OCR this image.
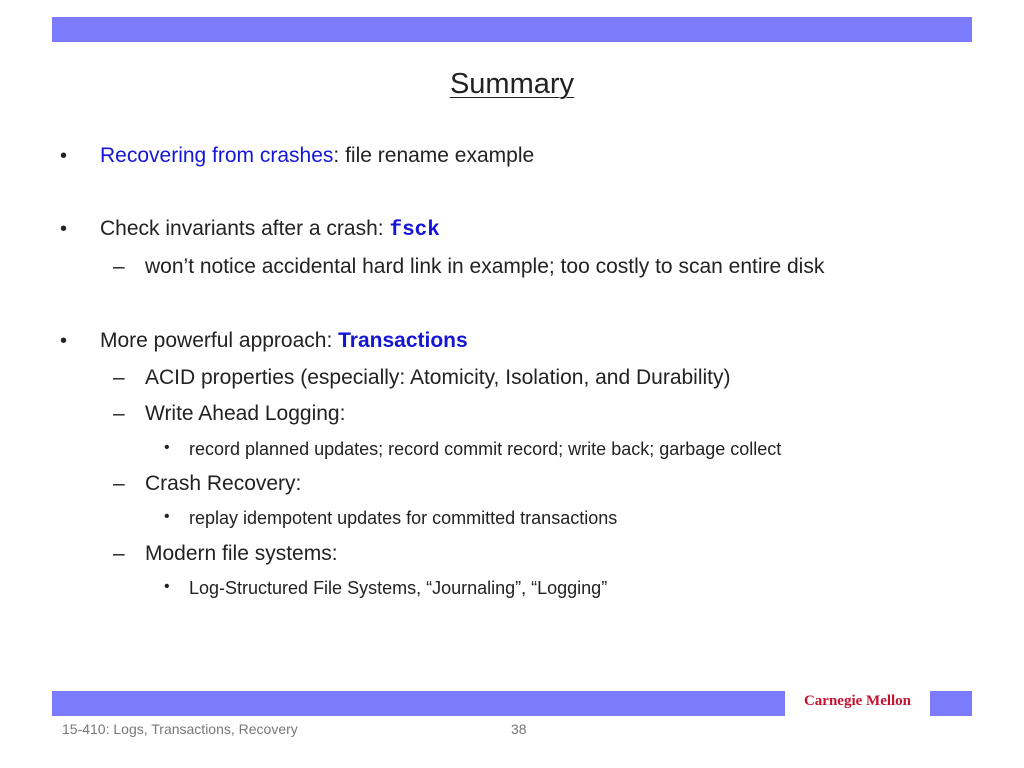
Summary
• Recovering from crashes: file rename example
• Check invariants after a crash: fsck
– won’t notice accidental hard link in example; too costly to scan entire disk
• More powerful approach: Transactions
– ACID properties (especially: Atomicity, Isolation, and Durability)
– Write Ahead Logging:
• record planned updates; record commit record; write back; garbage collect
– Crash Recovery:
• replay idempotent updates for committed transactions
– Modern file systems:
• Log-Structured File Systems, “Journaling”, “Logging”
Carnegie Mellon
15-410: Logs, Transactions, Recovery	38
